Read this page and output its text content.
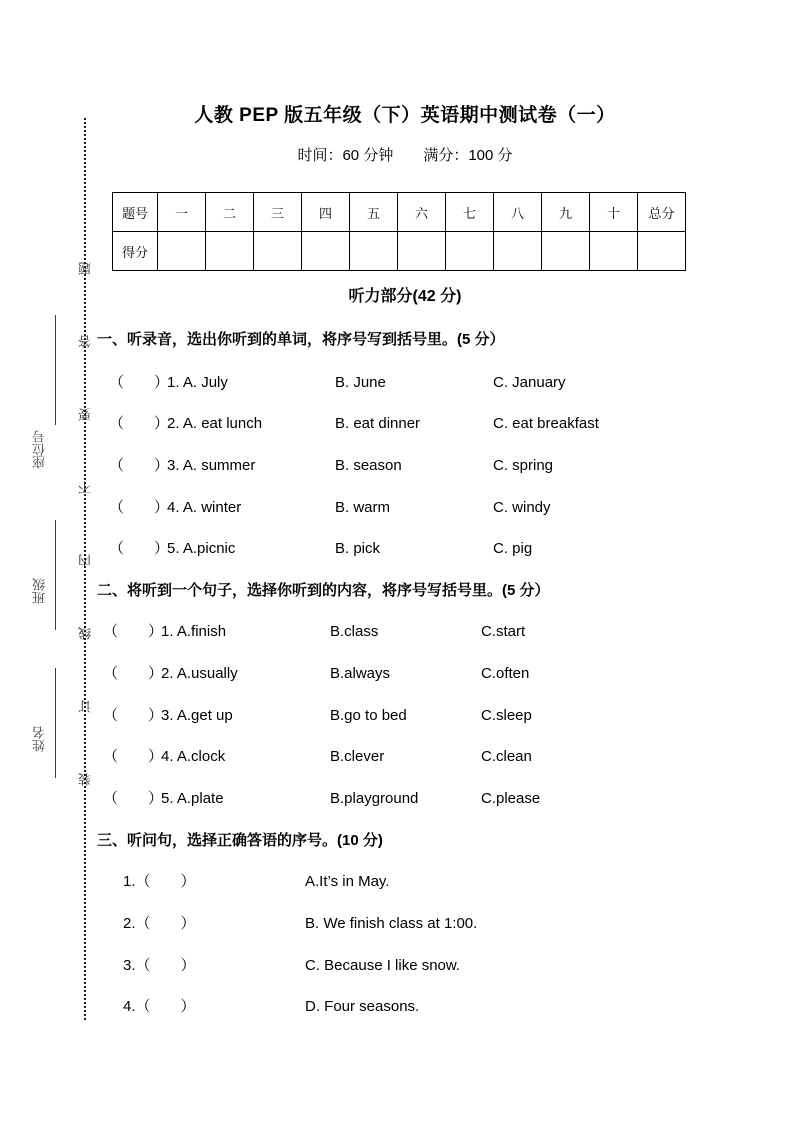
题
答
要
不
内
线
订
装
座位号
班级
姓名
人教 PEP 版五年级（下）英语期中测试卷（一）
时间：60 分钟　　满分：100 分
题号	一	二	三	四	五	六	七	八	九	十	总分
得分											
听力部分(42 分)
一、听录音，选出你听到的单词，将序号写到括号里。(5 分）
（　　）1. A. July	B. June	C. January
（　　）2. A. eat lunch	B. eat dinner	C. eat breakfast
（　　）3. A. summer	B. season	C. spring
（　　）4. A. winter	B. warm	C. windy
（　　）5. A.picnic	B. pick	C. pig
二、将听到一个句子，选择你听到的内容，将序号写括号里。(5 分）
（　　）1. A.finish	B.class	C.start
（　　）2. A.usually	B.always	C.often
（　　）3. A.get up	B.go to bed	C.sleep
（　　）4. A.clock	B.clever	C.clean
（　　）5. A.plate	B.playground	C.please
三、听问句，选择正确答语的序号。(10 分)
1.（　　）	A.It’s in May.
2.（　　）	B. We finish class at 1:00.
3.（　　）	C. Because I like snow.
4.（　　）	D. Four seasons.
